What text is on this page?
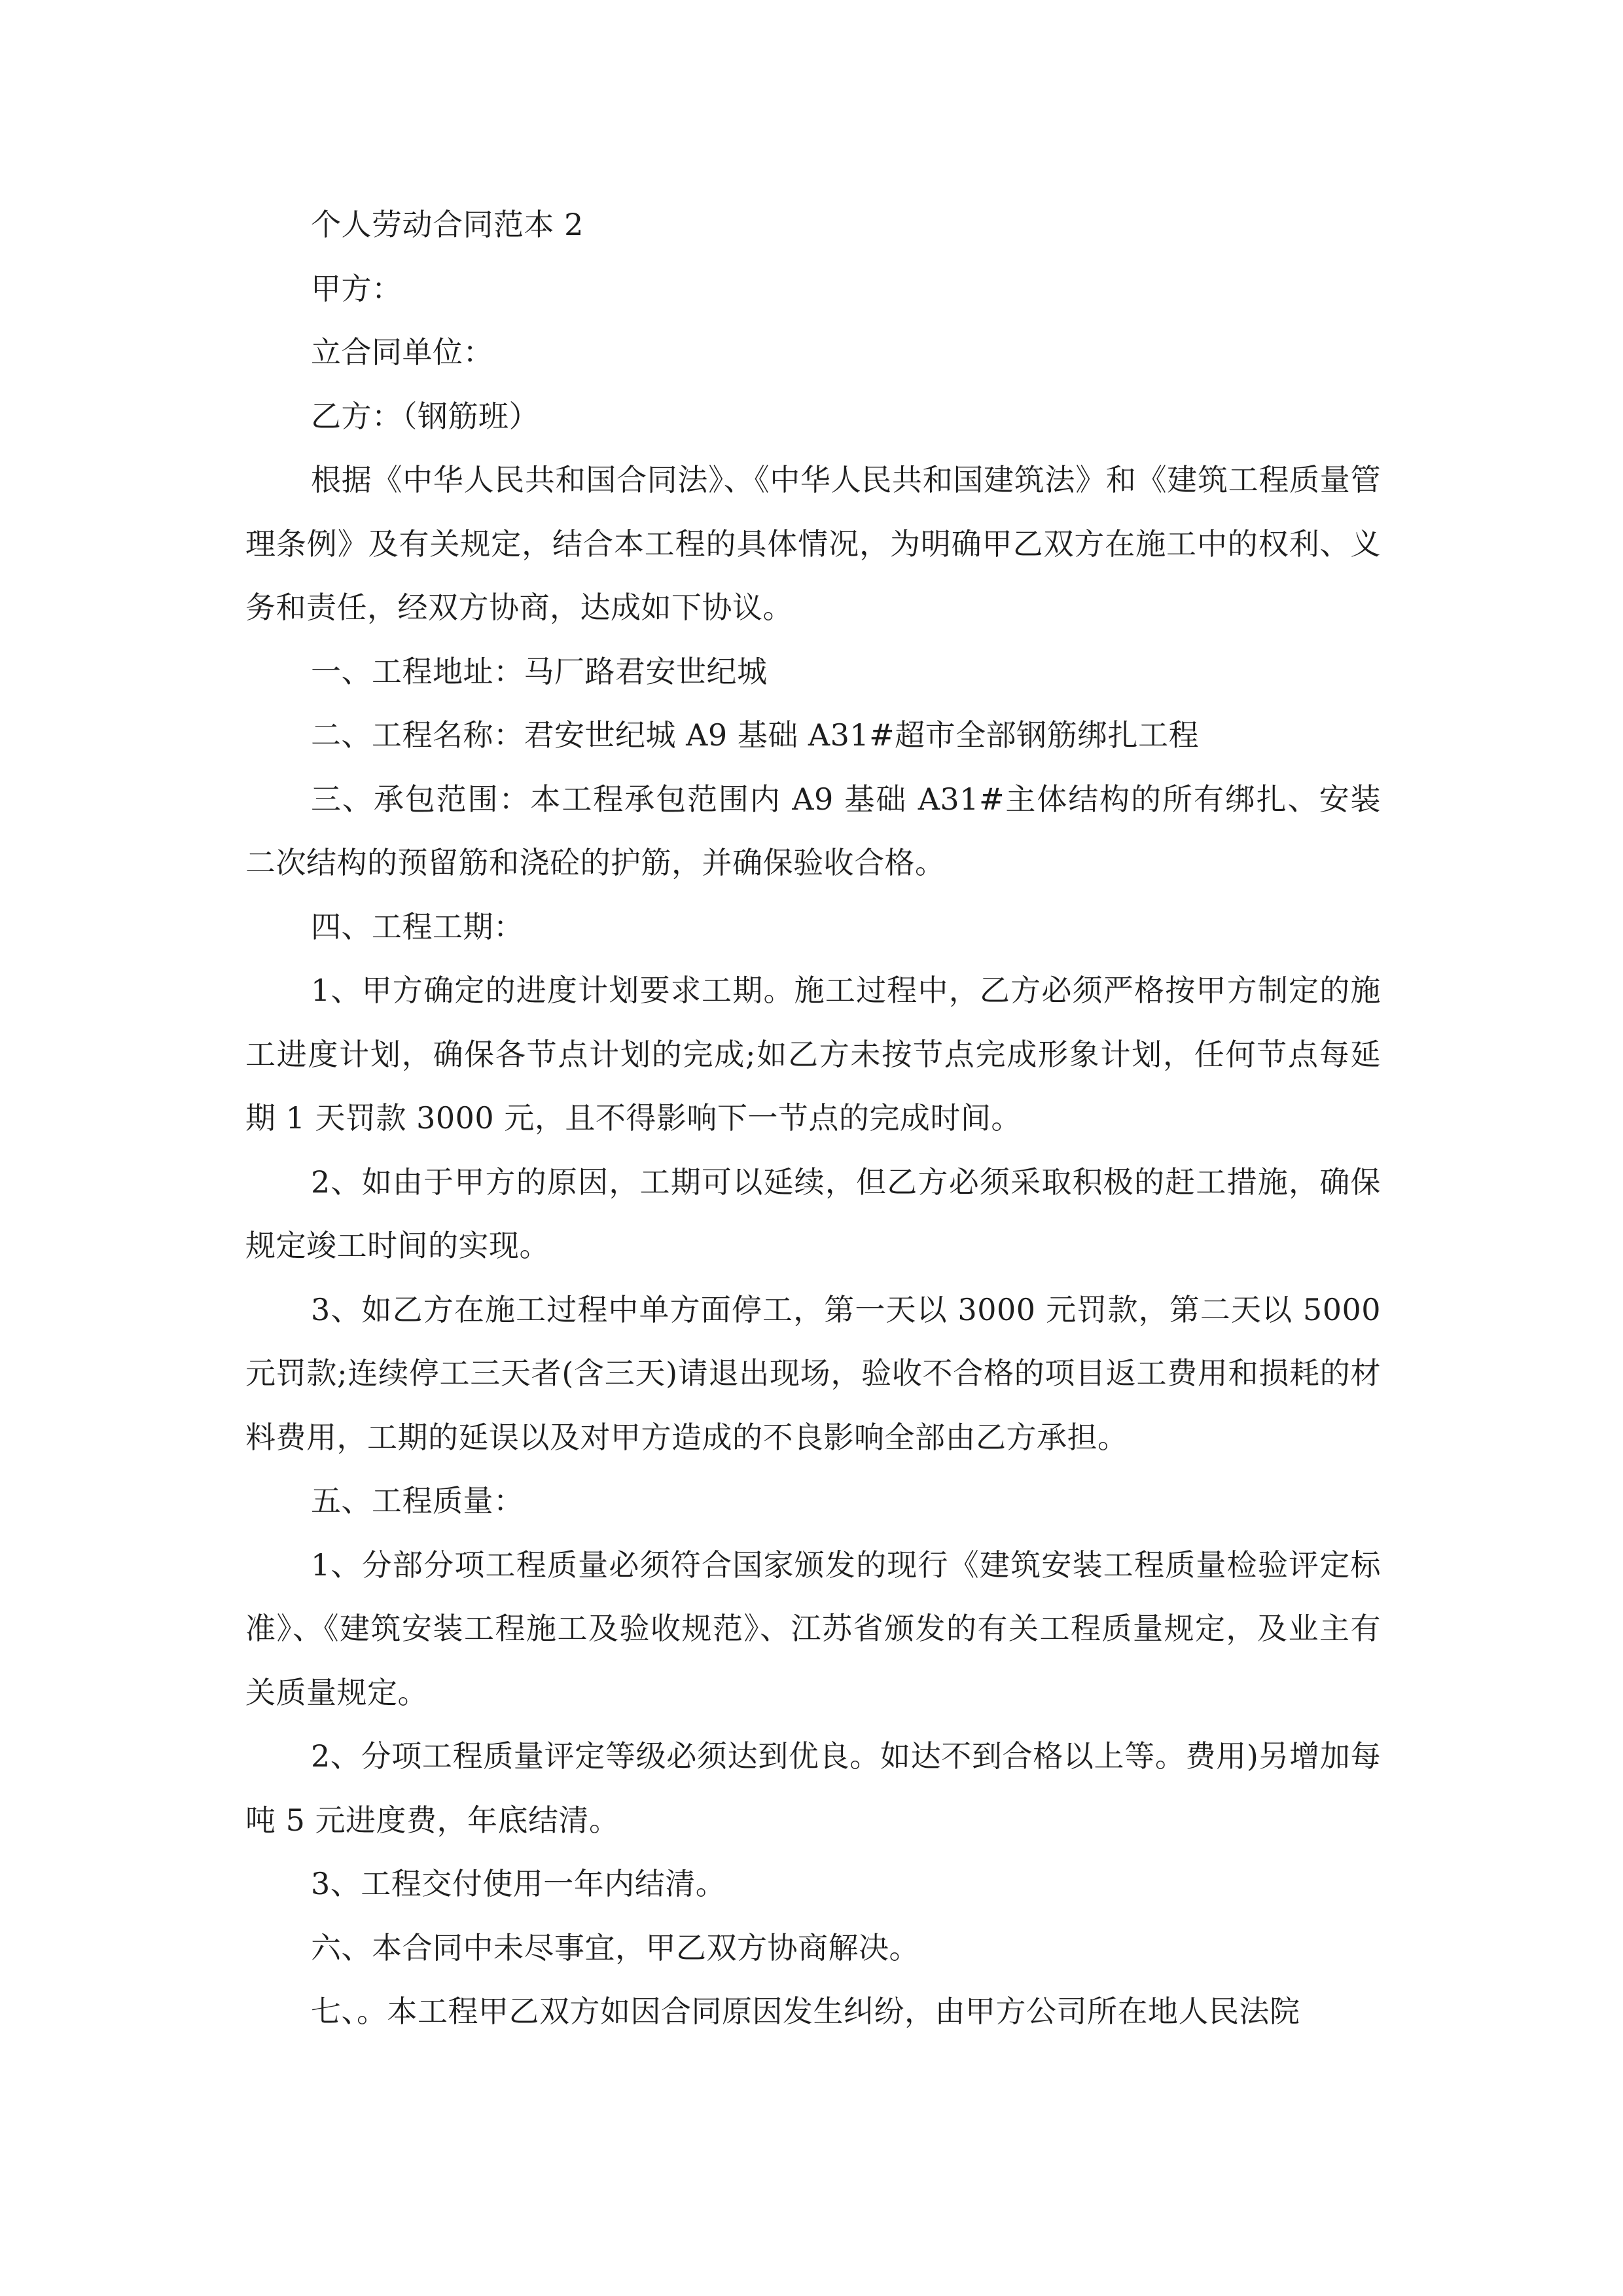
个人劳动合同范本 2

甲方：

立合同单位：

乙方：（钢筋班）

根据《中华人民共和国合同法》、《中华人民共和国建筑法》和《建筑工程质量管理条例》及有关规定，结合本工程的具体情况，为明确甲乙双方在施工中的权利、义务和责任，经双方协商，达成如下协议。

一、工程地址：马厂路君安世纪城

二、工程名称：君安世纪城 A9 基础 A31#超市全部钢筋绑扎工程

三、承包范围：本工程承包范围内 A9 基础 A31#主体结构的所有绑扎、安装二次结构的预留筋和浇砼的护筋，并确保验收合格。

四、工程工期：

1、甲方确定的进度计划要求工期。施工过程中，乙方必须严格按甲方制定的施工进度计划，确保各节点计划的完成;如乙方未按节点完成形象计划，任何节点每延期 1 天罚款 3000 元，且不得影响下一节点的完成时间。

2、如由于甲方的原因，工期可以延续，但乙方必须采取积极的赶工措施，确保规定竣工时间的实现。

3、如乙方在施工过程中单方面停工，第一天以 3000 元罚款，第二天以 5000 元罚款;连续停工三天者(含三天)请退出现场，验收不合格的项目返工费用和损耗的材料费用，工期的延误以及对甲方造成的不良影响全部由乙方承担。

五、工程质量：

1、分部分项工程质量必须符合国家颁发的现行《建筑安装工程质量检验评定标准》、《建筑安装工程施工及验收规范》、江苏省颁发的有关工程质量规定，及业主有关质量规定。

2、分项工程质量评定等级必须达到优良。如达不到合格以上等。费用)另增加每吨 5 元进度费，年底结清。

3、工程交付使用一年内结清。

六、本合同中未尽事宜，甲乙双方协商解决。

七、。本工程甲乙双方如因合同原因发生纠纷，由甲方公司所在地人民法院
